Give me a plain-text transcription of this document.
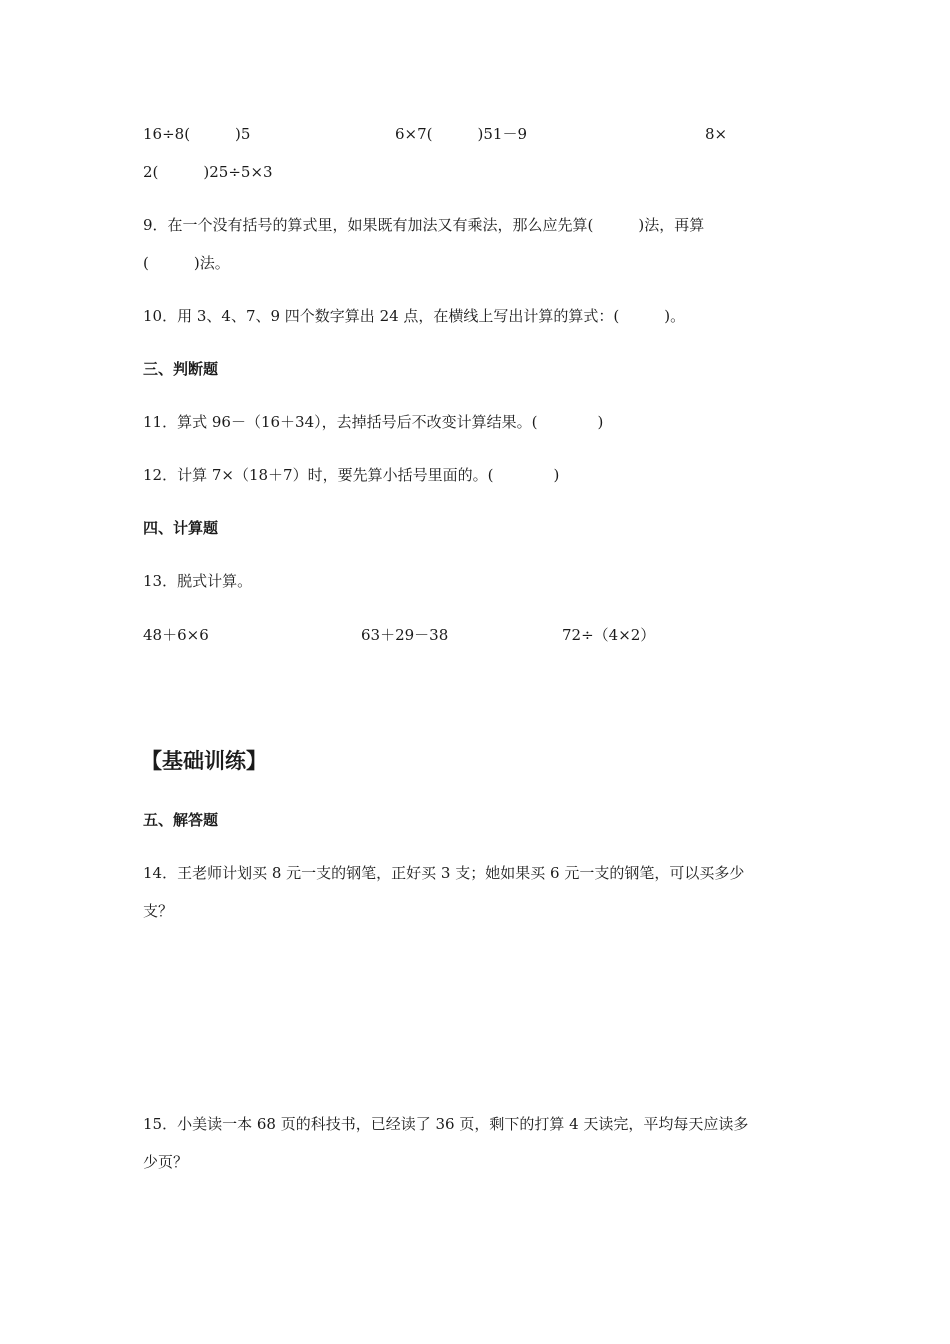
16÷8(　　　)5	6×7(　　　)51－9	8×
2(　　　)25÷5×3
9．在一个没有括号的算式里，如果既有加法又有乘法，那么应先算(　　　)法，再算
(　　　)法。
10．用 3、4、7、9 四个数字算出 24 点，在横线上写出计算的算式：(　　　)。
三、判断题
11．算式 96－（16＋34），去掉括号后不改变计算结果。(　　　　)
12．计算 7×（18＋7）时，要先算小括号里面的。(　　　　)
四、计算题
13．脱式计算。
48＋6×6	63＋29－38	72÷（4×2）
【基础训练】
五、解答题
14．王老师计划买 8 元一支的钢笔，正好买 3 支；她如果买 6 元一支的钢笔，可以买多少
支？
15．小美读一本 68 页的科技书，已经读了 36 页，剩下的打算 4 天读完，平均每天应读多
少页？
